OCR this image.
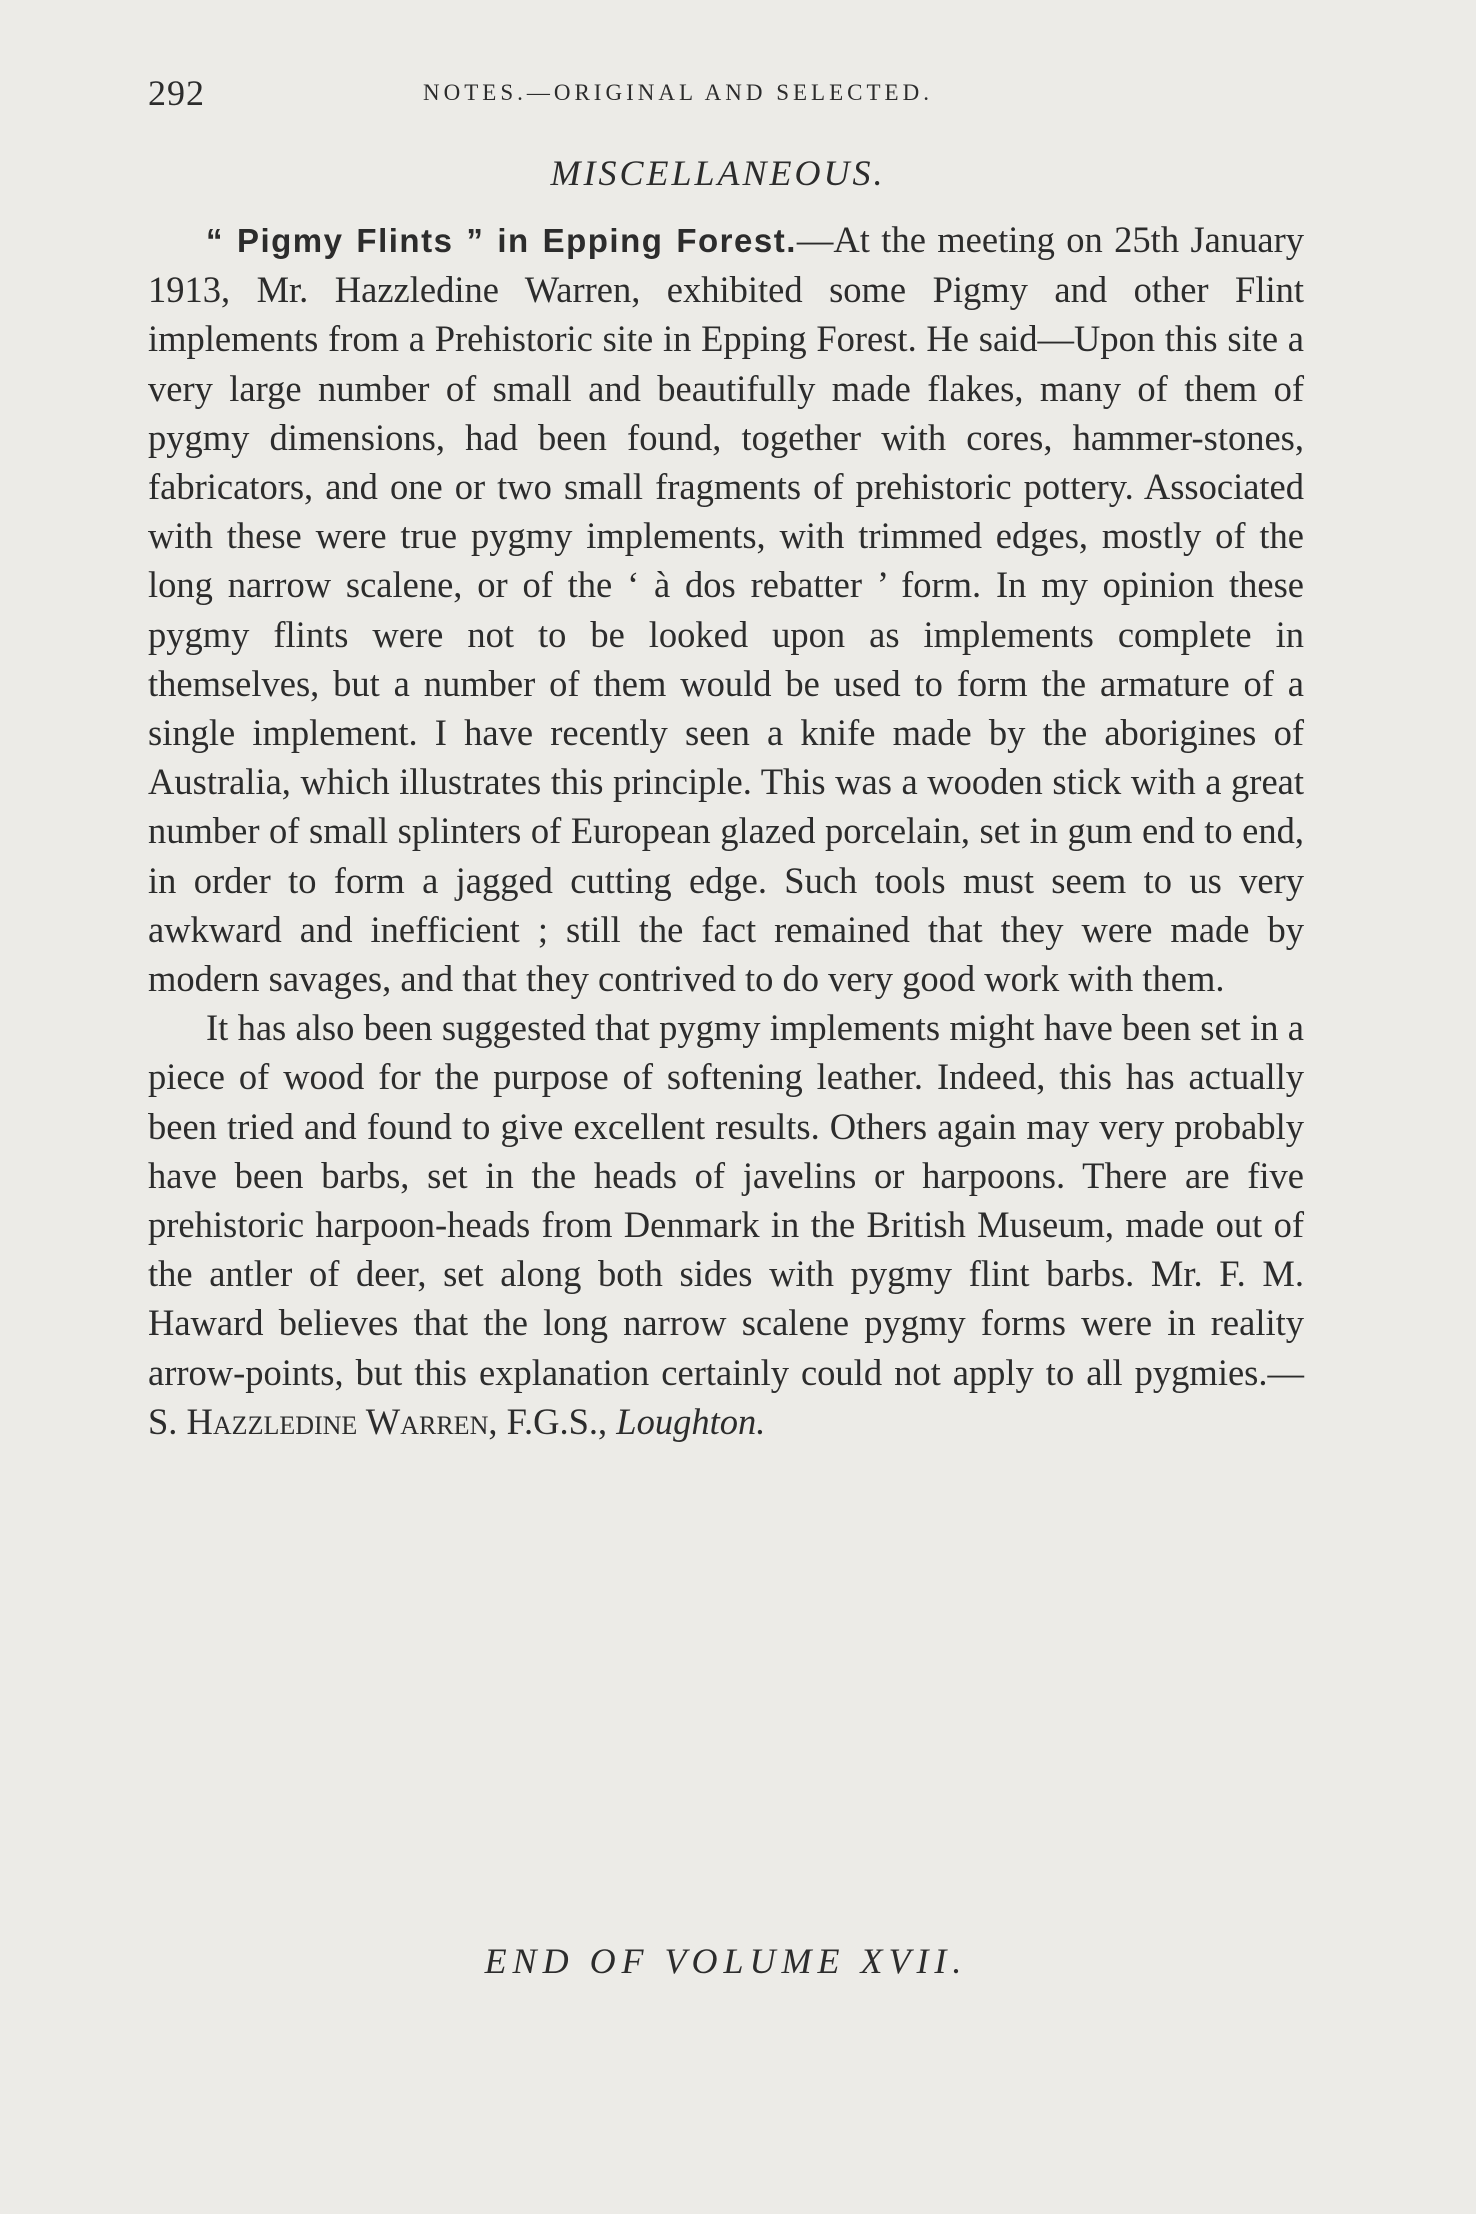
292	NOTES.—ORIGINAL AND SELECTED.
MISCELLANEOUS.

“ Pigmy Flints ” in Epping Forest.—At the meeting on 25th January 1913, Mr. Hazzledine Warren, exhibited some Pigmy and other Flint implements from a Prehistoric site in Epping Forest. He said—Upon this site a very large number of small and beautifully made flakes, many of them of pygmy dimensions, had been found, together with cores, hammer-stones, fabricators, and one or two small fragments of prehistoric pottery. Associated with these were true pygmy implements, with trimmed edges, mostly of the long narrow scalene, or of the ‘ à dos rebatter ’ form. In my opinion these pygmy flints were not to be looked upon as implements complete in themselves, but a number of them would be used to form the armature of a single implement. I have recently seen a knife made by the aborigines of Australia, which illustrates this principle. This was a wooden stick with a great number of small splinters of European glazed porcelain, set in gum end to end, in order to form a jagged cutting edge. Such tools must seem to us very awkward and inefficient ; still the fact remained that they were made by modern savages, and that they contrived to do very good work with them.

It has also been suggested that pygmy implements might have been set in a piece of wood for the purpose of softening leather. Indeed, this has actually been tried and found to give excellent results. Others again may very probably have been barbs, set in the heads of javelins or harpoons. There are five prehistoric harpoon-heads from Denmark in the British Museum, made out of the antler of deer, set along both sides with pygmy flint barbs. Mr. F. M. Haward believes that the long narrow scalene pygmy forms were in reality arrow-points, but this explanation certainly could not apply to all pygmies.—S. Hazzledine Warren, F.G.S., Loughton.

END OF VOLUME XVII.
